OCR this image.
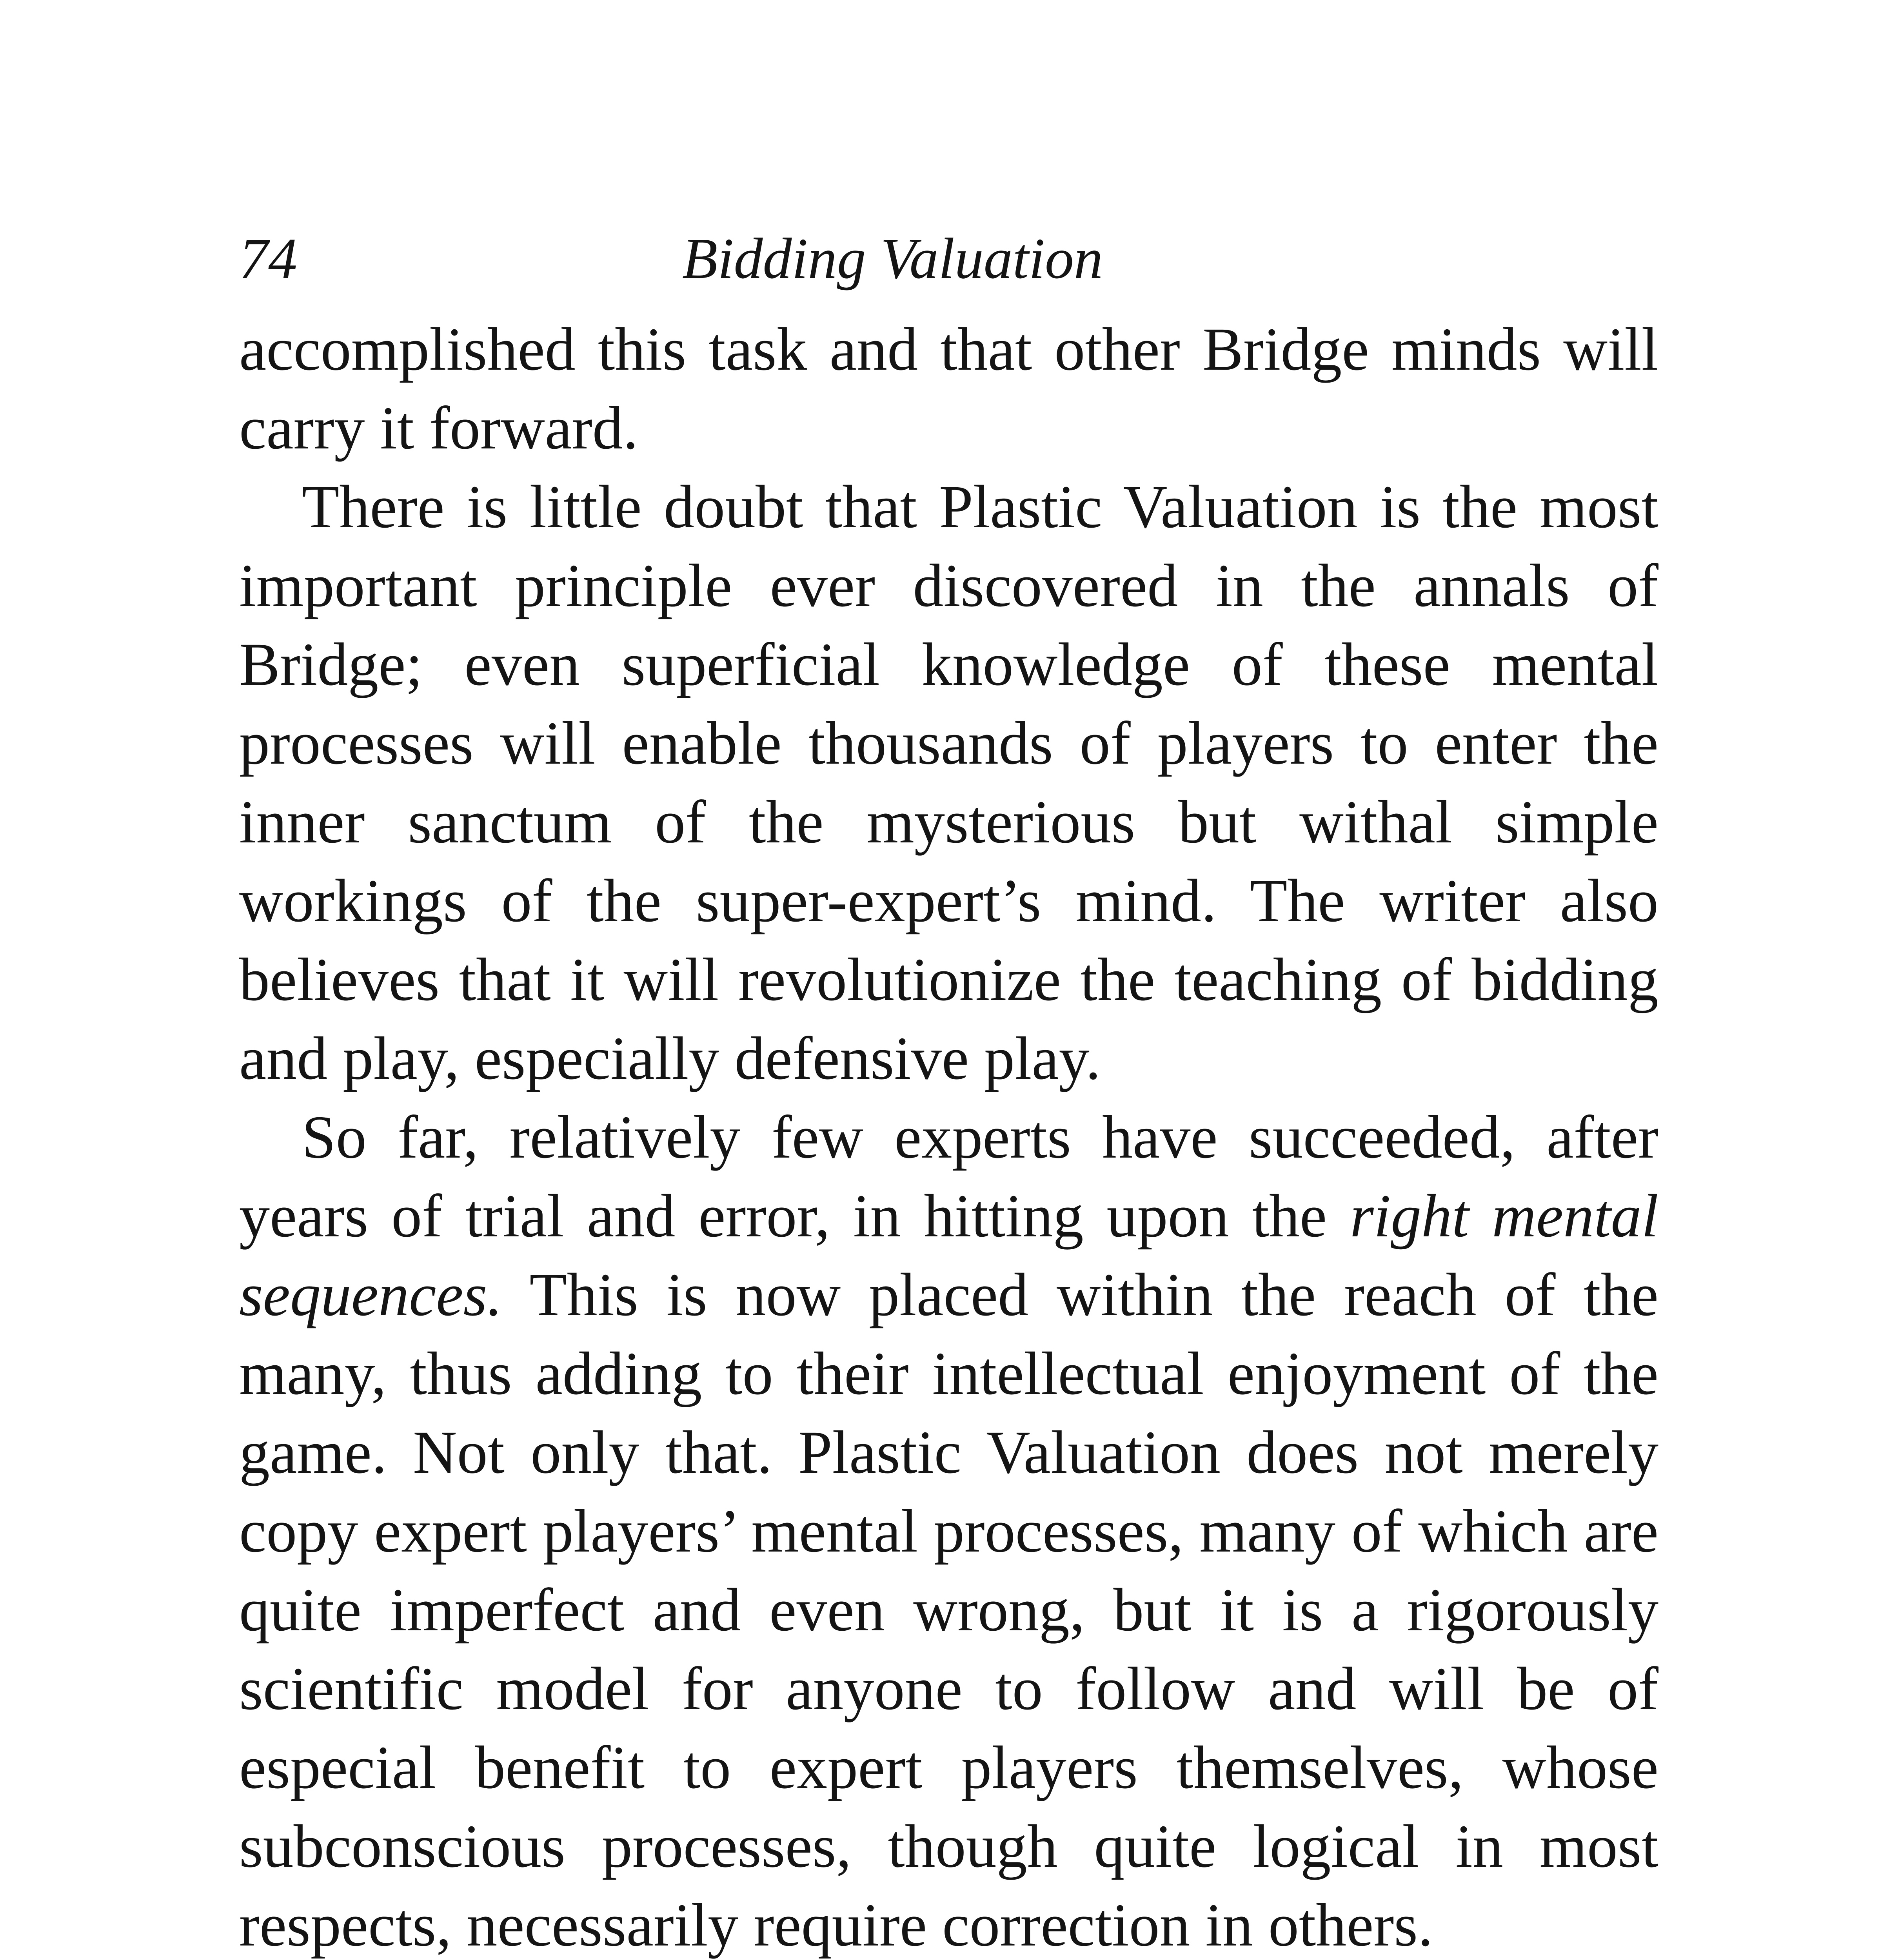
74	Bidding Valuation

accomplished this task and that other Bridge minds will carry it forward.

There is little doubt that Plastic Valuation is the most important principle ever discovered in the annals of Bridge; even superficial knowledge of these mental processes will enable thousands of players to enter the inner sanctum of the mysterious but withal simple workings of the super-expert’s mind. The writer also believes that it will revolutionize the teaching of bidding and play, especially defensive play.

So far, relatively few experts have succeeded, after years of trial and error, in hitting upon the right mental sequences. This is now placed within the reach of the many, thus adding to their intellectual enjoyment of the game. Not only that. Plastic Valuation does not merely copy expert players’ mental processes, many of which are quite imperfect and even wrong, but it is a rigorously scientific model for anyone to follow and will be of especial benefit to expert players themselves, whose subconscious processes, though quite logical in most respects, necessarily require correction in others.
